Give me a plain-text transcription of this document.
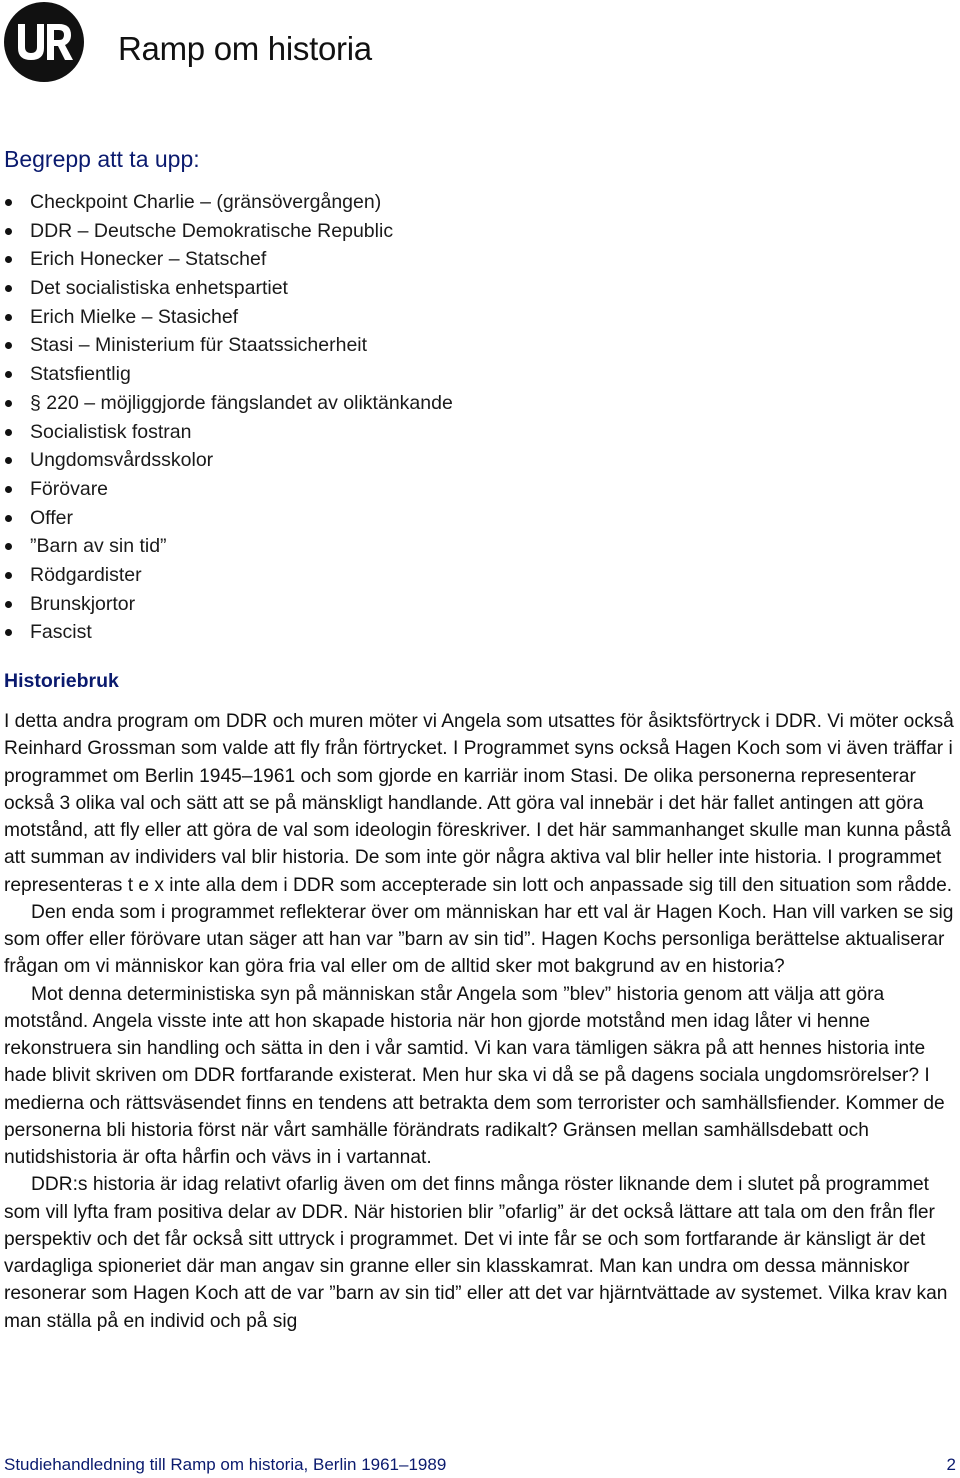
Ramp om historia
Begrepp att ta upp:
Checkpoint Charlie – (gränsövergången)
DDR – Deutsche Demokratische Republic
Erich Honecker – Statschef
Det socialistiska enhetspartiet
Erich Mielke – Stasichef
Stasi – Ministerium für Staatssicherheit
Statsfientlig
§ 220 – möjliggjorde fängslandet av oliktänkande
Socialistisk fostran
Ungdomsvårdsskolor
Förövare
Offer
”Barn av sin tid”
Rödgardister
Brunskjortor
Fascist
Historiebruk

I detta andra program om DDR och muren möter vi Angela som utsattes för åsiktsförtryck i DDR. Vi möter också Reinhard Grossman som valde att fly från förtrycket. I Programmet syns också Hagen Koch som vi även träffar i programmet om Berlin 1945–1961 och som gjorde en karriär inom Stasi. De olika personerna representerar också 3 olika val och sätt att se på mänskligt handlande. Att göra val innebär i det här fallet antingen att göra motstånd, att fly eller att göra de val som ideologin föreskriver. I det här sammanhanget skulle man kunna påstå att summan av individers val blir historia. De som inte gör några aktiva val blir heller inte historia. I programmet representeras t e x inte alla dem i DDR som accepterade sin lott och anpassade sig till den situation som rådde.

Den enda som i programmet reflekterar över om människan har ett val är Hagen Koch. Han vill varken se sig som offer eller förövare utan säger att han var ”barn av sin tid”. Hagen Kochs personliga berättelse aktualiserar frågan om vi människor kan göra fria val eller om de alltid sker mot bakgrund av en historia?

Mot denna deterministiska syn på människan står Angela som ”blev” historia genom att välja att göra motstånd. Angela visste inte att hon skapade historia när hon gjorde motstånd men idag låter vi henne rekonstruera sin handling och sätta in den i vår samtid. Vi kan vara tämligen säkra på att hennes historia inte hade blivit skriven om DDR fortfarande existerat. Men hur ska vi då se på dagens sociala ungdomsrörelser? I medierna och rättsväsendet finns en tendens att betrakta dem som terrorister och samhällsfiender. Kommer de personerna bli historia först när vårt samhälle förändrats radikalt? Gränsen mellan samhällsdebatt och nutidshistoria är ofta hårfin och vävs in i vartannat.

DDR:s historia är idag relativt ofarlig även om det finns många röster liknande dem i slutet på programmet som vill lyfta fram positiva delar av DDR. När historien blir ”ofarlig” är det också lättare att tala om den från fler perspektiv och det får också sitt uttryck i programmet. Det vi inte får se och som fortfarande är känsligt är det vardagliga spioneriet där man angav sin granne eller sin klasskamrat. Man kan undra om dessa människor resonerar som Hagen Koch att de var ”barn av sin tid” eller att det var hjärntvättade av systemet. Vilka krav kan man ställa på en individ och på sig

Studiehandledning till Ramp om historia, Berlin 1961–1989	2
